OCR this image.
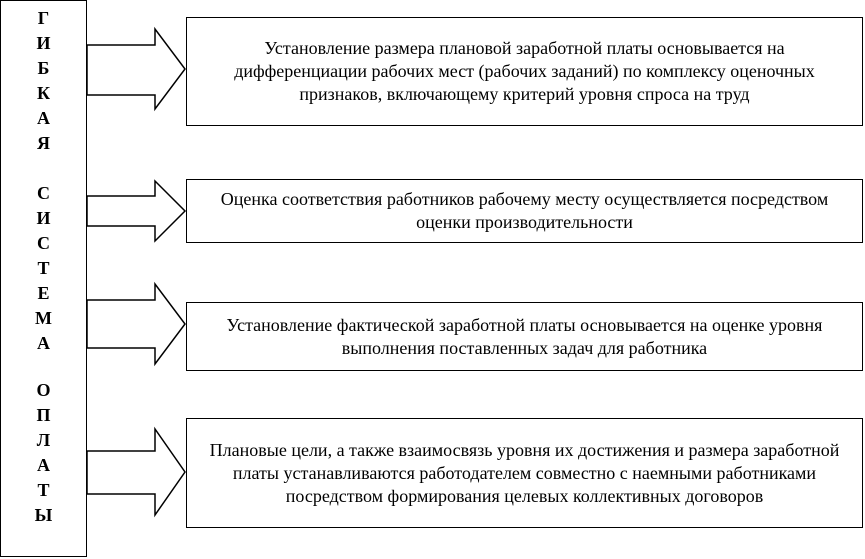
Г
И
Б
К
А
Я
С
И
С
Т
Е
М
А
О
П
Л
А
Т
Ы
Установление размера плановой заработной платы основывается на дифференциации рабочих мест (рабочих заданий) по комплексу оценочных признаков, включающему критерий уровня спроса на труд
Оценка соответствия работников рабочему месту осуществляется посредством оценки производительности
Установление фактической заработной платы основывается на оценке уровня выполнения поставленных задач для работника
Плановые цели, а также взаимосвязь уровня их достижения и размера заработной платы устанавливаются работодателем совместно с наемными работниками посредством формирования целевых коллективных договоров
